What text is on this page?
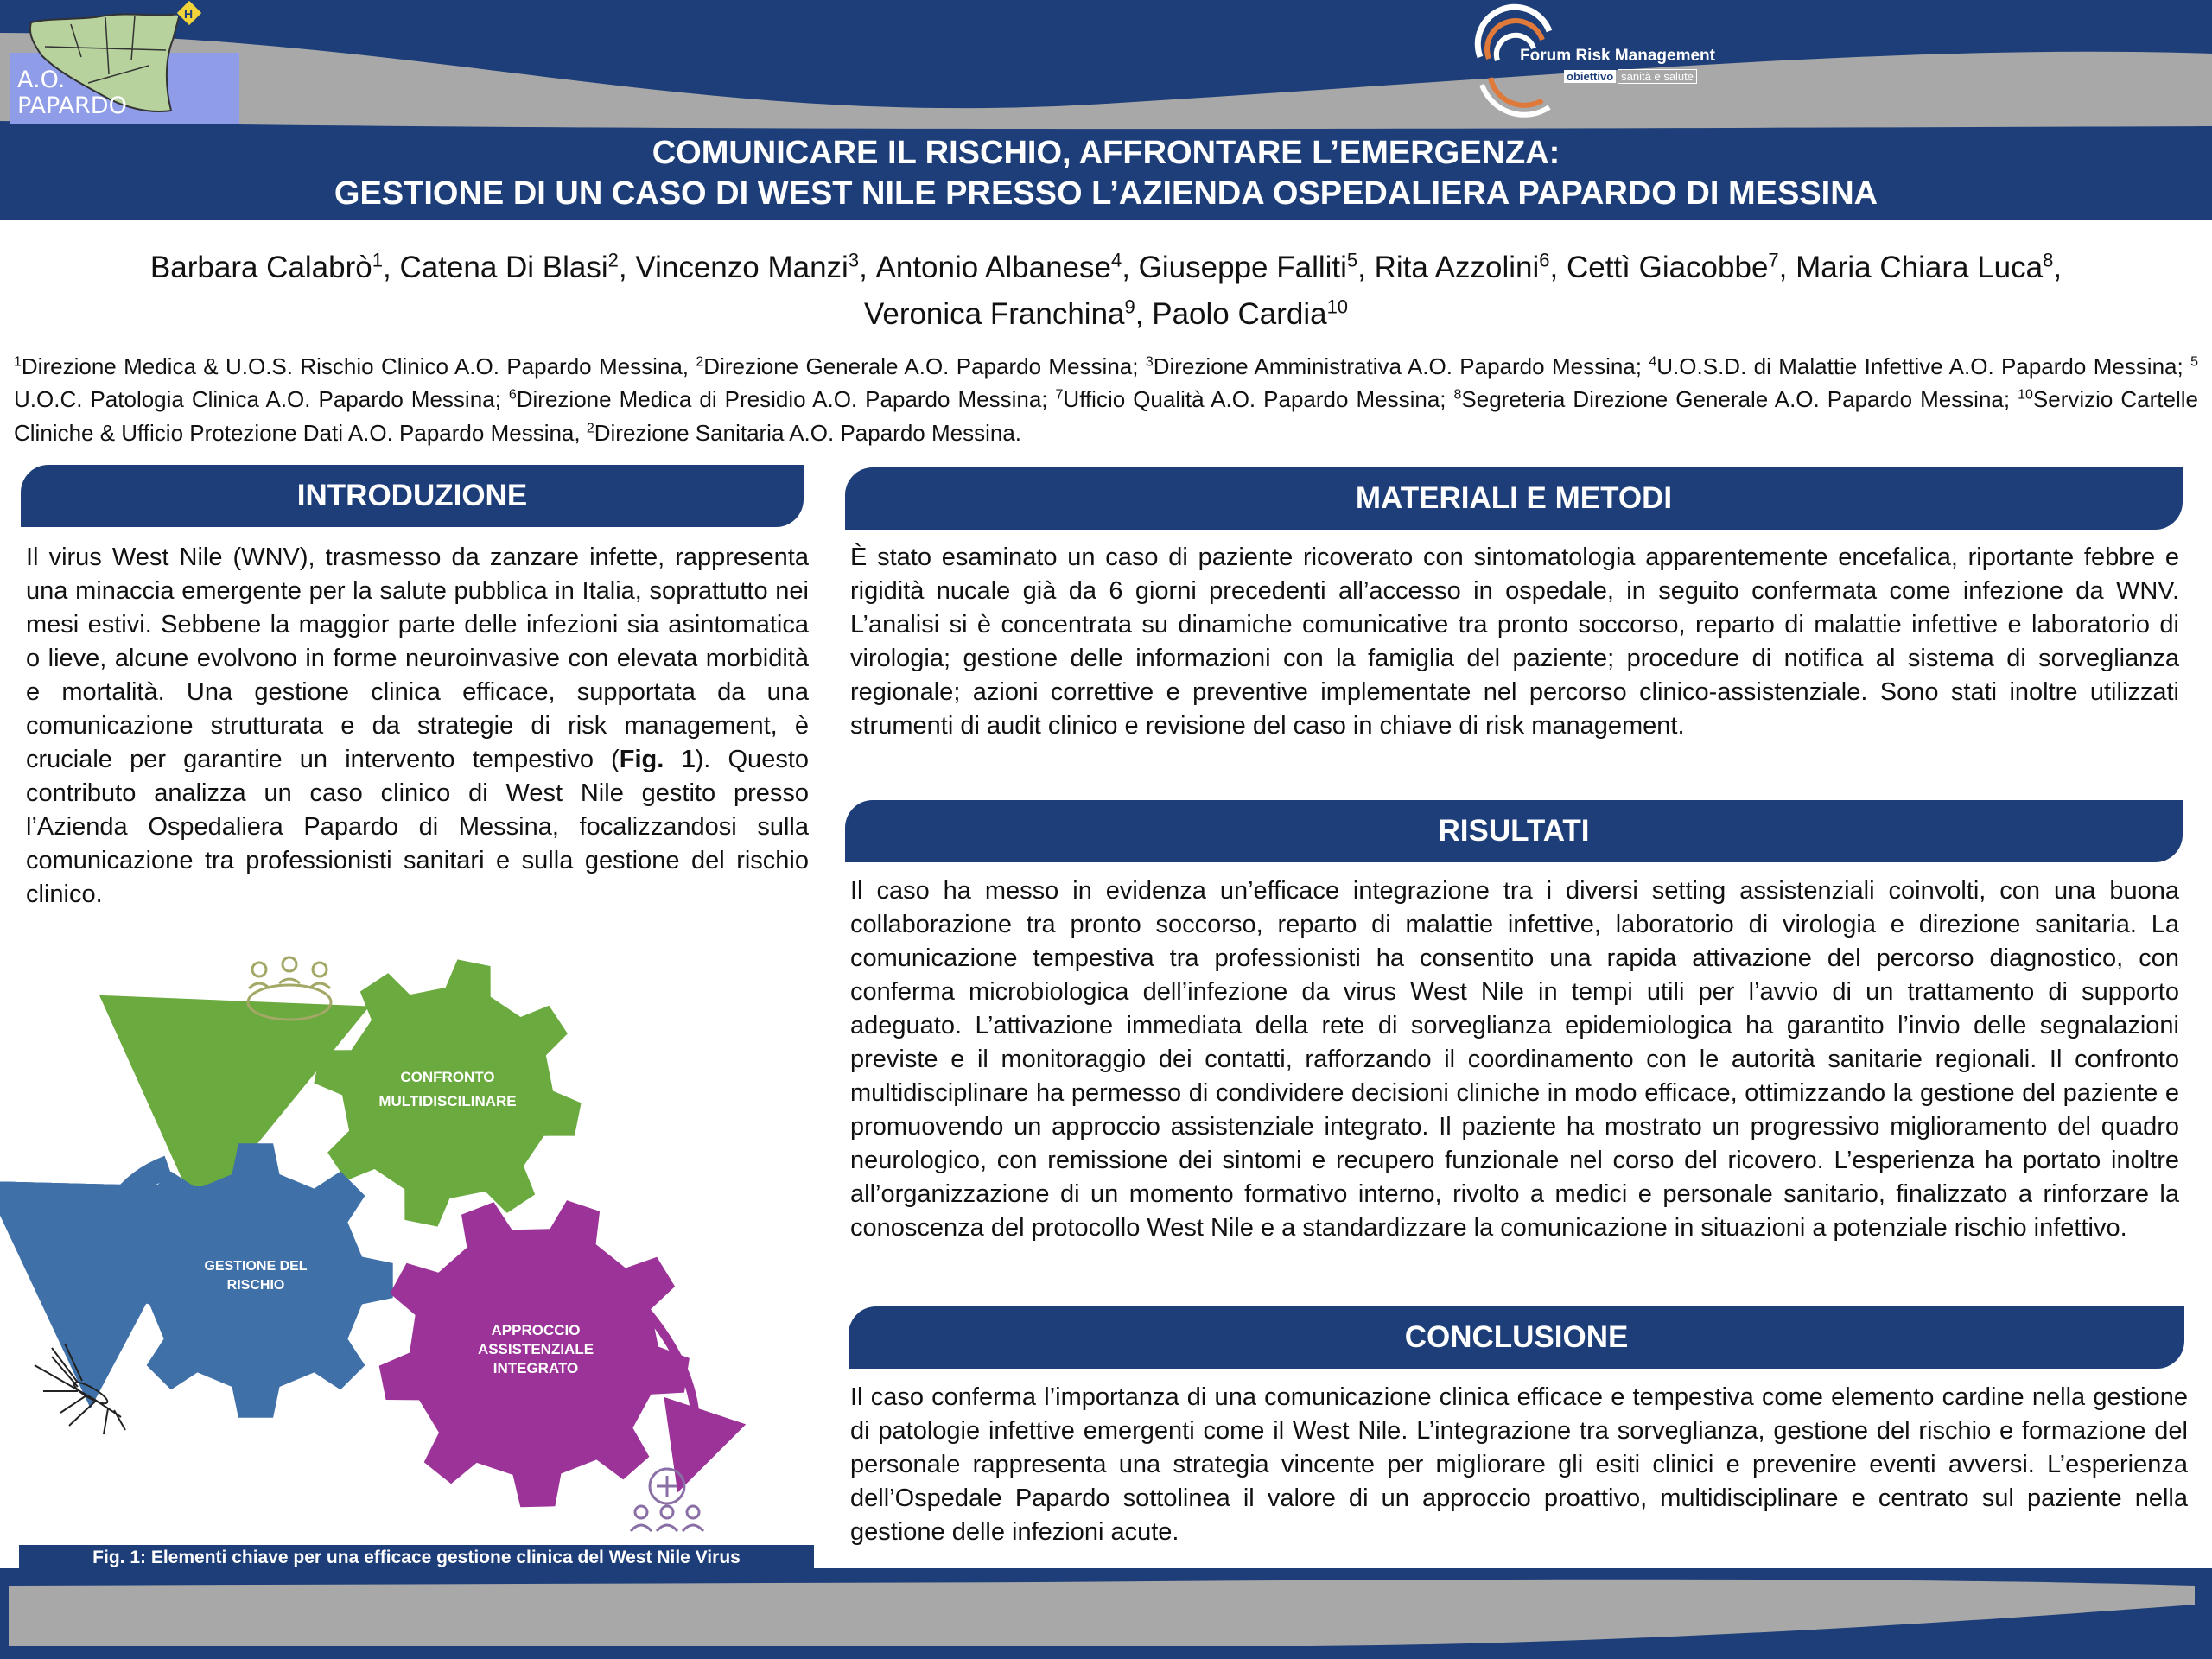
H
A.O.
PAPARDO
Forum Risk Management
obiettivo sanità e salute
COMUNICARE IL RISCHIO, AFFRONTARE L’EMERGENZA:
GESTIONE DI UN CASO DI WEST NILE PRESSO L’AZIENDA OSPEDALIERA PAPARDO DI MESSINA
Barbara Calabrò$^1$, Catena Di Blasi$^2$, Vincenzo Manzi$^3$, Antonio Albanese$^4$, Giuseppe Falliti$^5$, Rita Azzolini$^6$, Cettì Giacobbe$^7$, Maria Chiara Luca$^8$,
Veronica Franchina$^9$, Paolo Cardia$^{10}$
$^1$Direzione Medica & U.O.S. Rischio Clinico A.O. Papardo Messina, $^2$Direzione Generale A.O. Papardo Messina; $^3$Direzione Amministrativa A.O. Papardo Messina; $^4$U.O.S.D. di Malattie Infettive A.O. Papardo Messina; $^5$ U.O.C. Patologia Clinica A.O. Papardo Messina; $^6$Direzione Medica di Presidio A.O. Papardo Messina; $^7$Ufficio Qualità A.O. Papardo Messina; $^8$Segreteria Direzione Generale A.O. Papardo Messina; $^{10}$Servizio Cartelle Cliniche & Ufficio Protezione Dati A.O. Papardo Messina, $^2$Direzione Sanitaria A.O. Papardo Messina.
INTRODUZIONE
Il virus West Nile (WNV), trasmesso da zanzare infette, rappresenta una minaccia emergente per la salute pubblica in Italia, soprattutto nei mesi estivi. Sebbene la maggior parte delle infezioni sia asintomatica o lieve, alcune evolvono in forme neuroinvasive con elevata morbidità e mortalità. Una gestione clinica efficace, supportata da una comunicazione strutturata e da strategie di risk management, è cruciale per garantire un intervento tempestivo (Fig. 1). Questo contributo analizza un caso clinico di West Nile gestito presso l’Azienda Ospedaliera Papardo di Messina, focalizzandosi sulla comunicazione tra professionisti sanitari e sulla gestione del rischio clinico.
CONFRONTO
MULTIDISCILINARE
GESTIONE DEL
RISCHIO
APPROCCIO
ASSISTENZIALE
INTEGRATO
Fig. 1: Elementi chiave per una efficace gestione clinica del West Nile Virus
MATERIALI E METODI
È stato esaminato un caso di paziente ricoverato con sintomatologia apparentemente encefalica, riportante febbre e rigidità nucale già da 6 giorni precedenti all’accesso in ospedale, in seguito confermata come infezione da WNV. L’analisi si è concentrata su dinamiche comunicative tra pronto soccorso, reparto di malattie infettive e laboratorio di virologia; gestione delle informazioni con la famiglia del paziente; procedure di notifica al sistema di sorveglianza regionale; azioni correttive e preventive implementate nel percorso clinico-assistenziale. Sono stati inoltre utilizzati strumenti di audit clinico e revisione del caso in chiave di risk management.
RISULTATI
Il caso ha messo in evidenza un’efficace integrazione tra i diversi setting assistenziali coinvolti, con una buona collaborazione tra pronto soccorso, reparto di malattie infettive, laboratorio di virologia e direzione sanitaria. La comunicazione tempestiva tra professionisti ha consentito una rapida attivazione del percorso diagnostico, con conferma microbiologica dell’infezione da virus West Nile in tempi utili per l’avvio di un trattamento di supporto adeguato. L’attivazione immediata della rete di sorveglianza epidemiologica ha garantito l’invio delle segnalazioni previste e il monitoraggio dei contatti, rafforzando il coordinamento con le autorità sanitarie regionali. Il confronto multidisciplinare ha permesso di condividere decisioni cliniche in modo efficace, ottimizzando la gestione del paziente e promuovendo un approccio assistenziale integrato. Il paziente ha mostrato un progressivo miglioramento del quadro neurologico, con remissione dei sintomi e recupero funzionale nel corso del ricovero. L’esperienza ha portato inoltre all’organizzazione di un momento formativo interno, rivolto a medici e personale sanitario, finalizzato a rinforzare la conoscenza del protocollo West Nile e a standardizzare la comunicazione in situazioni a potenziale rischio infettivo.
CONCLUSIONE
Il caso conferma l’importanza di una comunicazione clinica efficace e tempestiva come elemento cardine nella gestione di patologie infettive emergenti come il West Nile. L’integrazione tra sorveglianza, gestione del rischio e formazione del personale rappresenta una strategia vincente per migliorare gli esiti clinici e prevenire eventi avversi. L’esperienza dell’Ospedale Papardo sottolinea il valore di un approccio proattivo, multidisciplinare e centrato sul paziente nella gestione delle infezioni acute.
